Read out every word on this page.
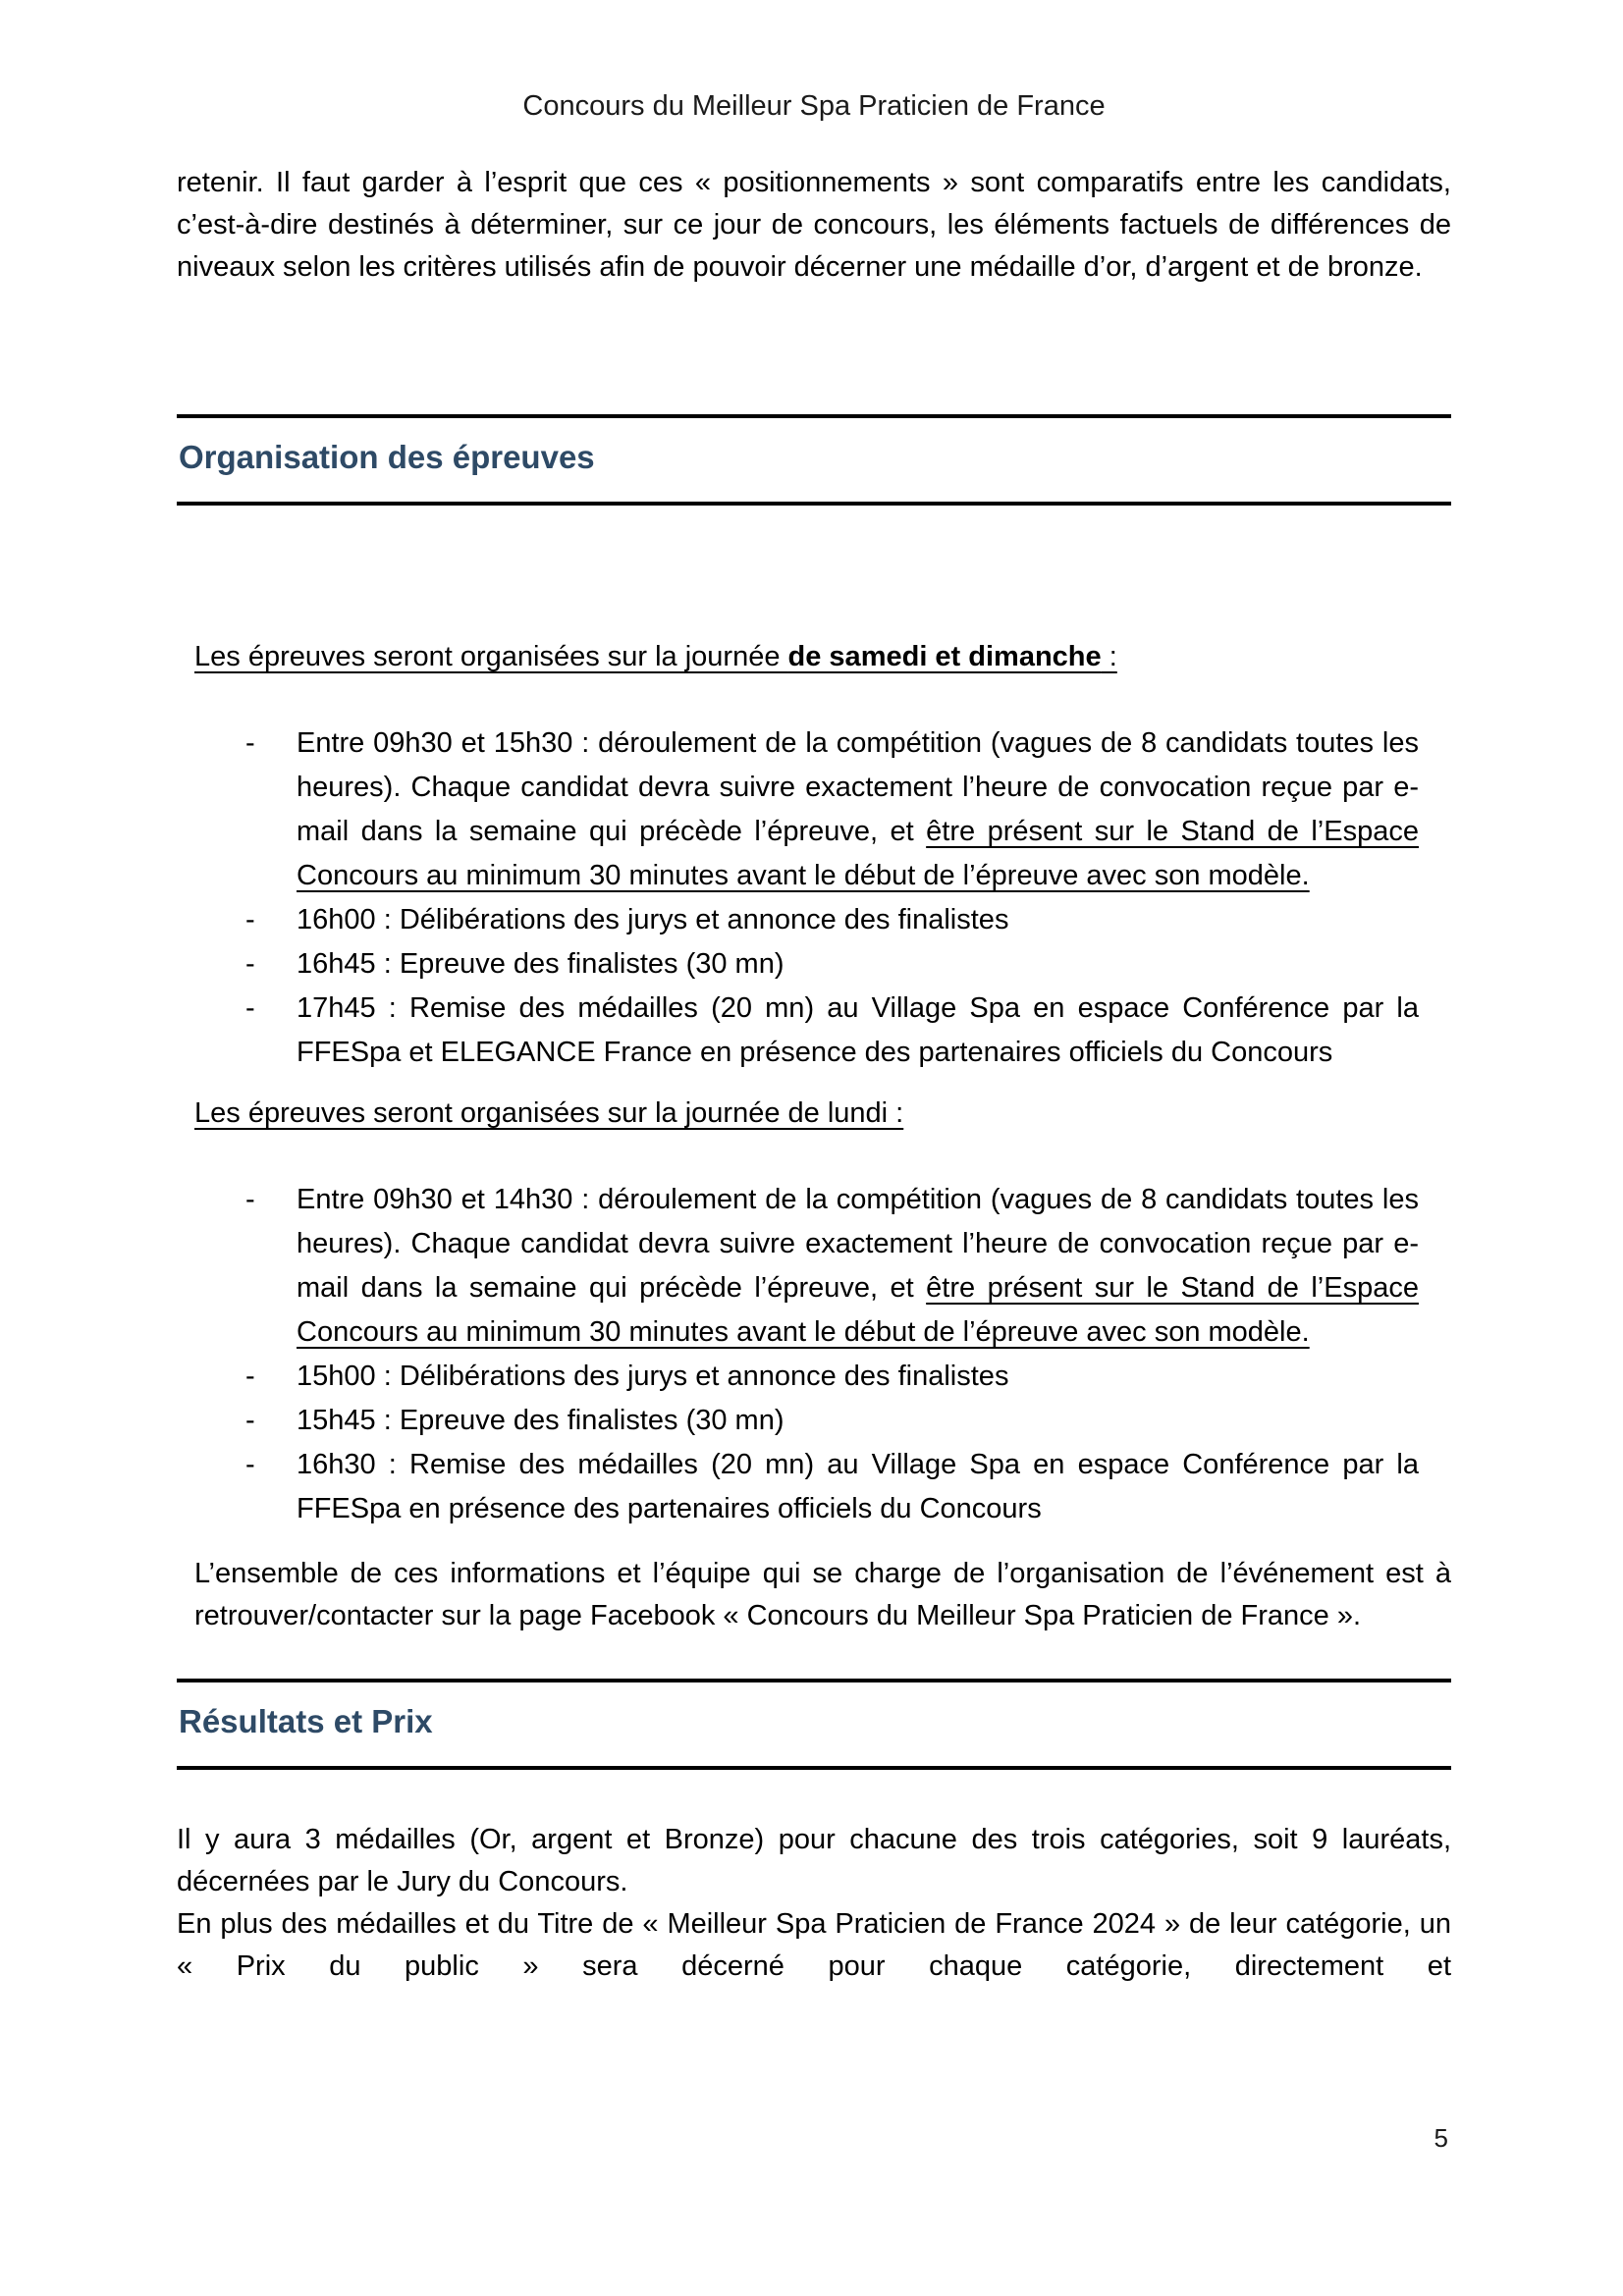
Concours du Meilleur Spa Praticien de France

retenir. Il faut garder à l’esprit que ces « positionnements » sont comparatifs entre les candidats, c’est-à-dire destinés à déterminer, sur ce jour de concours, les éléments factuels de différences de niveaux selon les critères utilisés afin de pouvoir décerner une médaille d’or, d’argent et de bronze.

Organisation des épreuves

Les épreuves seront organisées sur la journée de samedi et dimanche :

-	Entre 09h30 et 15h30 : déroulement de la compétition (vagues de 8 candidats toutes les heures). Chaque candidat devra suivre exactement l’heure de convocation reçue par e-mail dans la semaine qui précède l’épreuve, et être présent sur le Stand de l’Espace Concours au minimum 30 minutes avant le début de l’épreuve avec son modèle.

-	16h00 : Délibérations des jurys et annonce des finalistes

-	16h45 : Epreuve des finalistes (30 mn)

-	17h45 : Remise des médailles (20 mn) au Village Spa en espace Conférence par la FFESpa et ELEGANCE France en présence des partenaires officiels du Concours

Les épreuves seront organisées sur la journée de lundi :

-	Entre 09h30 et 14h30 : déroulement de la compétition (vagues de 8 candidats toutes les heures). Chaque candidat devra suivre exactement l’heure de convocation reçue par e-mail dans la semaine qui précède l’épreuve, et être présent sur le Stand de l’Espace Concours au minimum 30 minutes avant le début de l’épreuve avec son modèle.

-	15h00 : Délibérations des jurys et annonce des finalistes

-	15h45 : Epreuve des finalistes (30 mn)

-	16h30 : Remise des médailles (20 mn) au Village Spa en espace Conférence par la FFESpa en présence des partenaires officiels du Concours

L’ensemble de ces informations et l’équipe qui se charge de l’organisation de l’événement est à retrouver/contacter sur la page Facebook « Concours du Meilleur Spa Praticien de France ».

Résultats et Prix

Il y aura 3 médailles (Or, argent et Bronze) pour chacune des trois catégories, soit 9 lauréats, décernées par le Jury du Concours.

En plus des médailles et du Titre de « Meilleur Spa Praticien de France 2024 » de leur catégorie, un « Prix du public » sera décerné pour chaque catégorie, directement et

5
